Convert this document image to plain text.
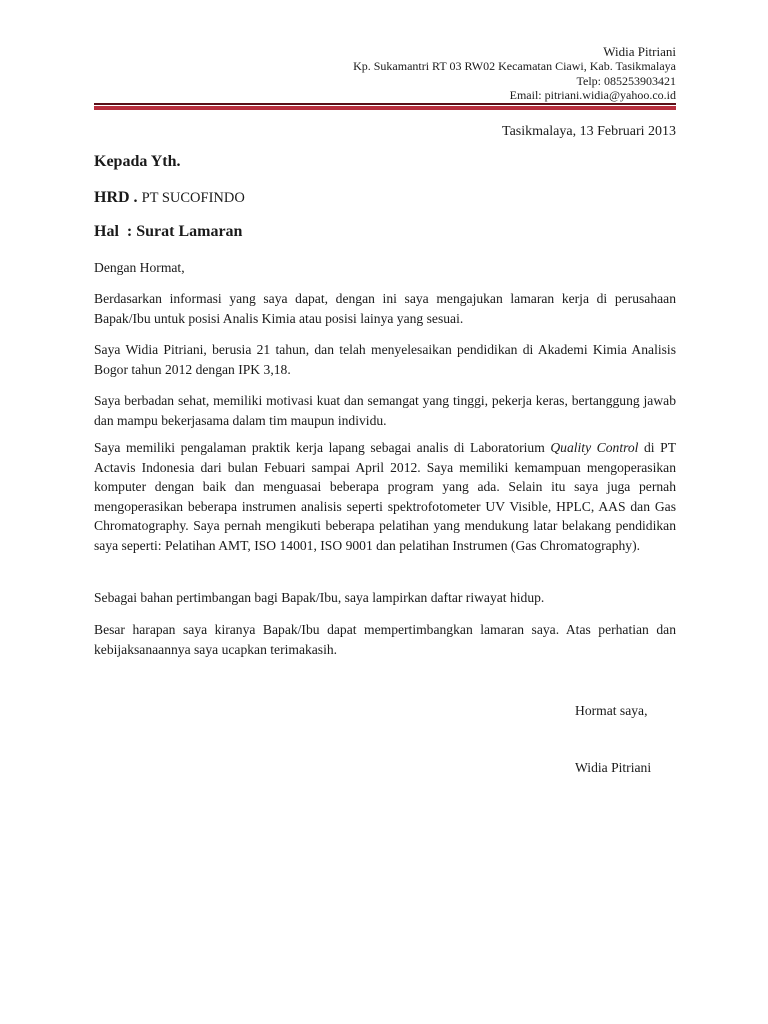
Widia Pitriani
Kp. Sukamantri RT 03 RW02 Kecamatan Ciawi, Kab. Tasikmalaya
Telp: 085253903421
Email: pitriani.widia@yahoo.co.id
Tasikmalaya, 13 Februari 2013
Kepada Yth.
HRD . PT SUCOFINDO
Hal  : Surat Lamaran
Dengan Hormat,
Berdasarkan informasi yang saya dapat, dengan ini saya mengajukan lamaran kerja di perusahaan Bapak/Ibu untuk posisi Analis Kimia atau posisi lainya yang sesuai.
Saya Widia Pitriani, berusia 21 tahun, dan telah menyelesaikan pendidikan di Akademi Kimia Analisis Bogor tahun 2012 dengan IPK 3,18.
Saya berbadan sehat, memiliki motivasi kuat dan semangat yang tinggi, pekerja keras, bertanggung jawab dan mampu bekerjasama dalam tim maupun individu.
Saya memiliki pengalaman praktik kerja lapang sebagai analis di Laboratorium Quality Control di PT Actavis Indonesia dari bulan Febuari sampai April 2012. Saya memiliki kemampuan mengoperasikan komputer dengan baik dan menguasai beberapa program yang ada. Selain itu saya juga pernah mengoperasikan beberapa instrumen analisis seperti spektrofotometer UV Visible, HPLC, AAS dan Gas Chromatography. Saya pernah mengikuti beberapa pelatihan yang mendukung latar belakang pendidikan saya seperti: Pelatihan AMT, ISO 14001, ISO 9001 dan pelatihan Instrumen (Gas Chromatography).
Sebagai bahan pertimbangan bagi Bapak/Ibu, saya lampirkan daftar riwayat hidup.
Besar harapan saya kiranya Bapak/Ibu dapat mempertimbangkan lamaran saya. Atas perhatian dan kebijaksanaannya saya ucapkan terimakasih.
Hormat saya,
Widia Pitriani
